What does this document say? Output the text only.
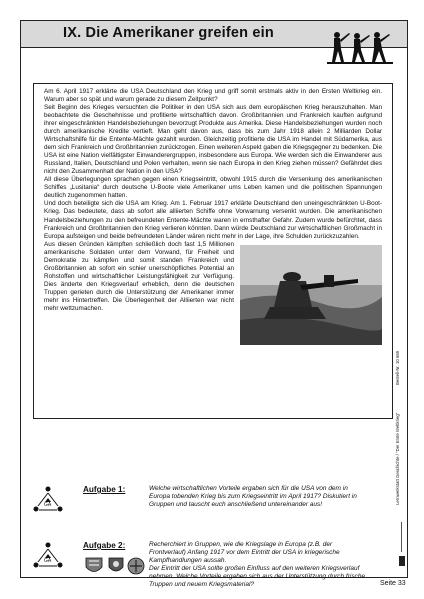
IX. Die Amerikaner greifen ein

Am 6. April 1917 erklärte die USA Deutschland den Krieg und griff somit erstmals aktiv in den Ersten Weltkrieg ein. Warum aber so spät und warum gerade zu diesem Zeitpunkt?
Seit Beginn des Krieges versuchten die Politiker in den USA sich aus dem europäischen Krieg herauszuhalten. Man beobachtete die Geschehnisse und profitierte wirtschaftlich davon. Großbritannien und Frankreich kauften aufgrund ihrer eingeschränkten Handelsbeziehungen bevorzugt Produkte aus Amerika. Diese Handelsbeziehungen wurden noch durch amerikanische Kredite vertieft. Man geht davon aus, dass bis zum Jahr 1918 allein 2 Milliarden Dollar Wirtschaftshilfe für die Entente-Mächte gezahlt wurden. Gleichzeitig profitierte die USA im Handel mit Südamerika, aus dem sich Frankreich und Großbritannien zurückzogen. Einen weiteren Aspekt gaben die Kriegsgegner zu bedenken. Die USA ist eine Nation vielfältigster Einwanderergruppen, insbesondere aus Europa. Wie werden sich die Einwanderer aus Russland, Italien, Deutschland und Polen verhalten, wenn sie nach Europa in den Krieg ziehen müssen? Gefährdet dies nicht den Zusammenhalt der Nation in den USA?
All diese Überlegungen sprachen gegen einen Kriegseintritt, obwohl 1915 durch die Versenkung des amerikanischen Schiffes „Lusitania“ durch deutsche U-Boote viele Amerikaner ums Leben kamen und die politischen Spannungen deutlich zugenommen hatten.
Und doch beteiligte sich die USA am Krieg. Am 1. Februar 1917 erklärte Deutschland den uneingeschränkten U-Boot-Krieg. Das bedeutete, dass ab sofort alle alliierten Schiffe ohne Vorwarnung versenkt wurden. Die amerikanischen Handelsbeziehungen zu den befreundeten Entente-Mächte waren in ernsthafter Gefahr. Zudem wurde befürchtet, dass Frankreich und Großbritannien den Krieg verlieren könnten. Dann würde Deutschland zur wirtschaftlichen Großmacht in Europa aufsteigen und beide befreundeten Länder wären nicht mehr in der Lage, ihre Schulden zurückzuzahlen.

Aus diesen Gründen kämpften schließlich doch fast 1,5 Millionen amerikanische Soldaten unter dem Vorwand, für Freiheit und Demokratie zu kämpfen und somit standen Frankreich und Großbritannien ab sofort ein schier unerschöpfliches Potential an Rohstoffen und wirtschaftlicher Leistungsfähigkeit zur Verfügung. Dies änderte den Kriegsverlauf erheblich, denn die deutschen Truppen gerieten durch die Unterstützung der Amerikaner immer mehr ins Hintertreffen. Die Überlegenheit der Alliierten war nicht mehr wettzumachen.

GA
Aufgabe 1:	Welche wirtschaftlichen Vorteile ergaben sich für die USA von dem in Europa tobenden Krieg bis zum Kriegseintritt im April 1917? Diskutiert in Gruppen und tauscht euch anschließend untereinander aus!
GA
Aufgabe 2:	Recherchiert in Gruppen, wie die Kriegslage in Europa (z.B. der Frontverlauf) Anfang 1917 vor dem Eintritt der USA in kriegerische Kampfhandlungen aussah.
Der Eintritt der USA sollte großen Einfluss auf den weiteren Kriegsverlauf nehmen. Welche Vorteile ergaben sich aus der Unterstützung durch frische Truppen und neuem Kriegsmaterial?
Lernwerkstatt Geschichte / "Der Erste Weltkrieg"
Bestell-Nr. 10 669
Seite 33
